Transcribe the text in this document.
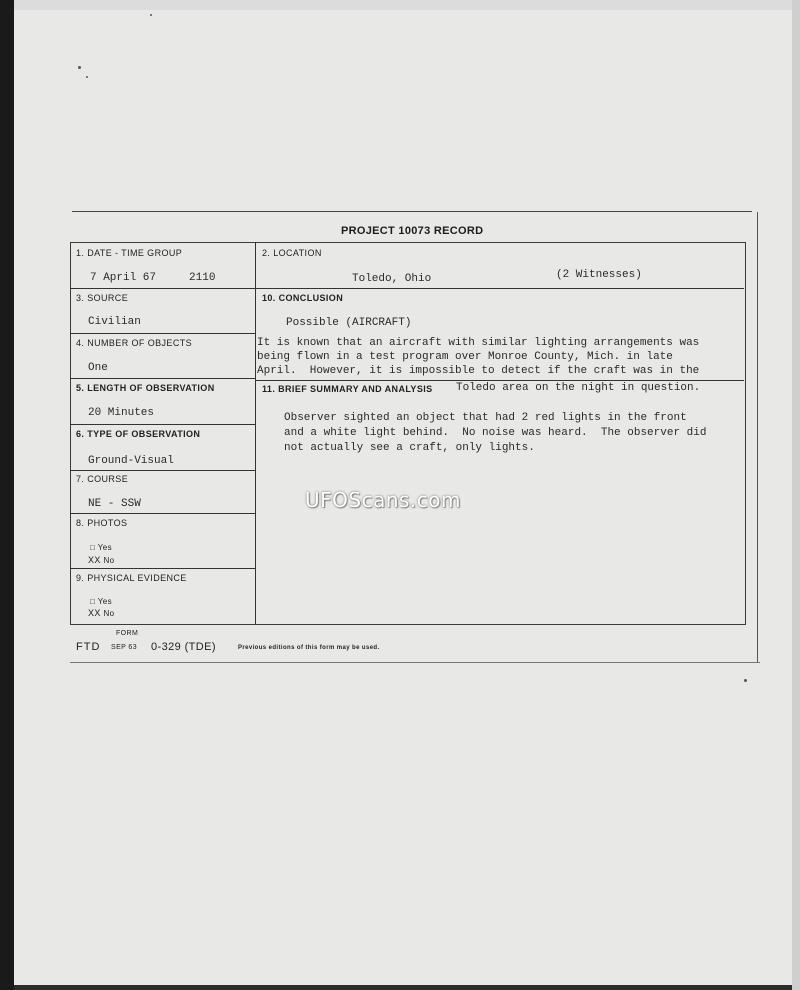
PROJECT 10073 RECORD
1. DATE - TIME GROUP
7 April 67     2110
2. LOCATION
Toledo, Ohio	(2 Witnesses)
3. SOURCE
Civilian
10. CONCLUSION
Possible (AIRCRAFT)
It is known that an aircraft with similar lighting arrangements was
being flown in a test program over Monroe County, Mich. in late
April.  However, it is impossible to detect if the craft was in the
4. NUMBER OF OBJECTS
One
5. LENGTH OF OBSERVATION
20 Minutes
11. BRIEF SUMMARY AND ANALYSIS Toledo area on the night in question.
Observer sighted an object that had 2 red lights in the front
and a white light behind.  No noise was heard.  The observer did
not actually see a craft, only lights.
6. TYPE OF OBSERVATION
Ground-Visual
7. COURSE
NE - SSW
8. PHOTOS
□ Yes
XX No
9. PHYSICAL EVIDENCE
□ Yes
XX No
FORM
FTD SEP 63 0-329 (TDE)	Previous editions of this form may be used.
UFOScans.com
